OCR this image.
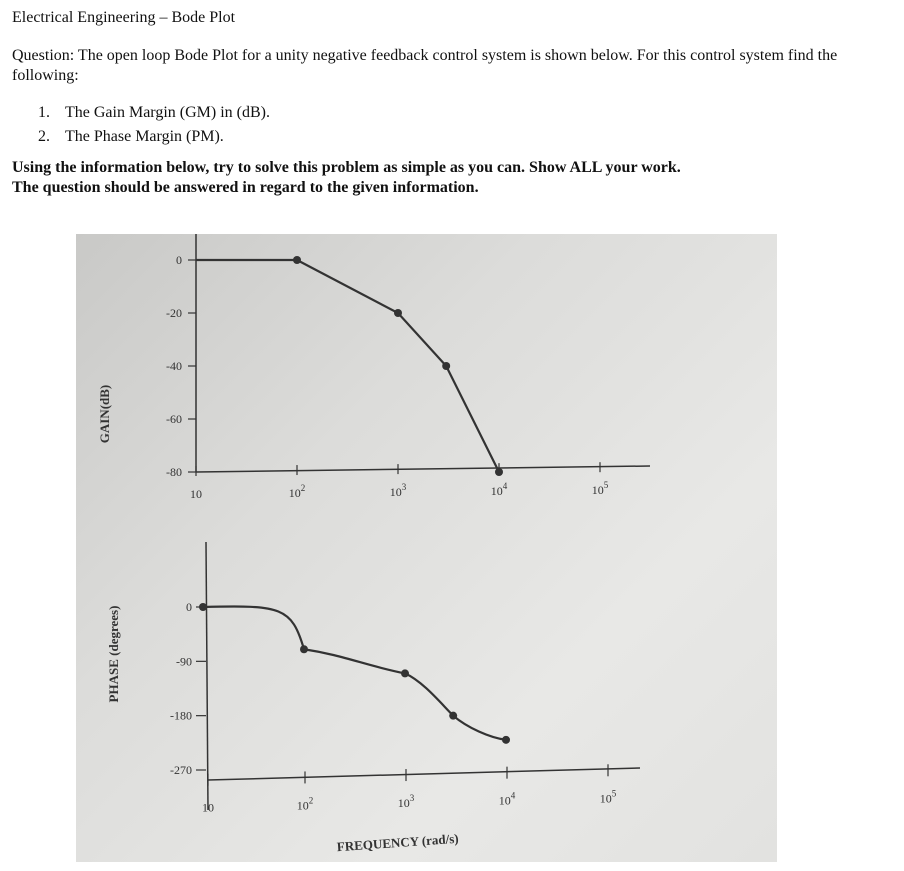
Electrical Engineering – Bode Plot
Question: The open loop Bode Plot for a unity negative feedback control system is shown below. For this control system find the following:
1. The Gain Margin (GM) in (dB).
2. The Phase Margin (PM).
Using the information below, try to solve this problem as simple as you can. Show ALL your work.
The question should be answered in regard to the given information.
0
-20
-40
-60
-80
10	$10^2$	$10^3$	$10^4$	$10^5$
0
-90
-180
-270
10	$10^2$	$10^3$	$10^4$	$10^5$
GAIN(dB)
PHASE (degrees)
FREQUENCY (rad/s)
